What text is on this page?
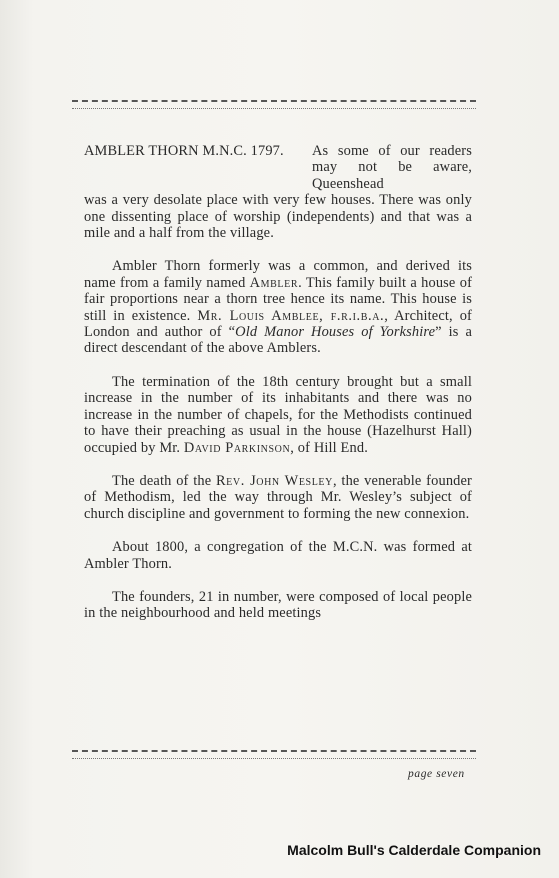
AMBLER THORN M.N.C. 1797.	As some of our readers may not be aware, Queenshead

was a very desolate place with very few houses. There was only one dissenting place of worship (independents) and that was a mile and a half from the village.

Ambler Thorn formerly was a common, and derived its name from a family named Ambler. This family built a house of fair proportions near a thorn tree hence its name. This house is still in existence. Mr. Louis Amblee, f.r.i.b.a., Architect, of London and author of “Old Manor Houses of Yorkshire” is a direct descendant of the above Amblers.

The termination of the 18th century brought but a small increase in the number of its inhabitants and there was no increase in the number of chapels, for the Methodists continued to have their preaching as usual in the house (Hazelhurst Hall) occupied by Mr. David Parkinson, of Hill End.

The death of the Rev. John Wesley, the venerable founder of Methodism, led the way through Mr. Wesley’s subject of church discipline and government to forming the new connexion.

About 1800, a congregation of the M.C.N. was formed at Ambler Thorn.

The founders, 21 in number, were composed of local people in the neighbourhood and held meetings

page seven
Malcolm Bull's Calderdale Companion
